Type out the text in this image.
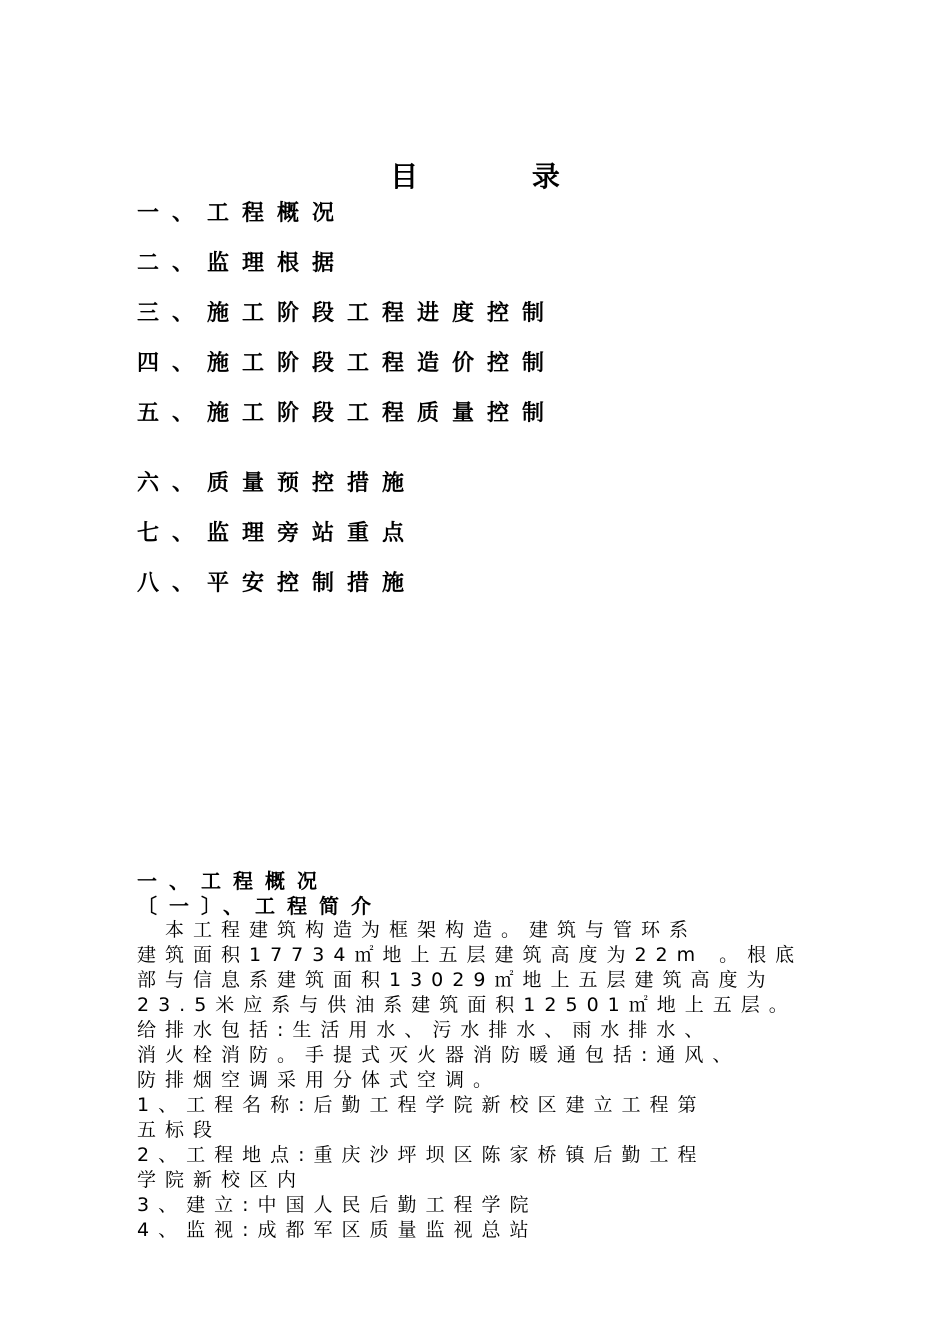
目 录
一、工程概况
二、监理根据
三、施工阶段工程进度控制
四、施工阶段工程造价控制
五、施工阶段工程质量控制
六、质量预控措施
七、监理旁站重点
八、平安控制措施
一、工程概况
〔一〕、工程简介
　本工程建筑构造为框架构造。建筑与管环系
建筑面积17734㎡地上五层建筑高度为22m 。根底
部与信息系建筑面积13029㎡地上五层建筑高度为
23.5米应系与供油系建筑面积12501㎡地上五层。
给排水包括:生活用水、污水排水、雨水排水、
消火栓消防。手提式灭火器消防暖通包括:通风、
防排烟空调采用分体式空调。
1、工程名称:后勤工程学院新校区建立工程第
五标段
2、工程地点:重庆沙坪坝区陈家桥镇后勤工程
学院新校区内
3、建立:中国人民后勤工程学院
4、监视:成都军区质量监视总站
